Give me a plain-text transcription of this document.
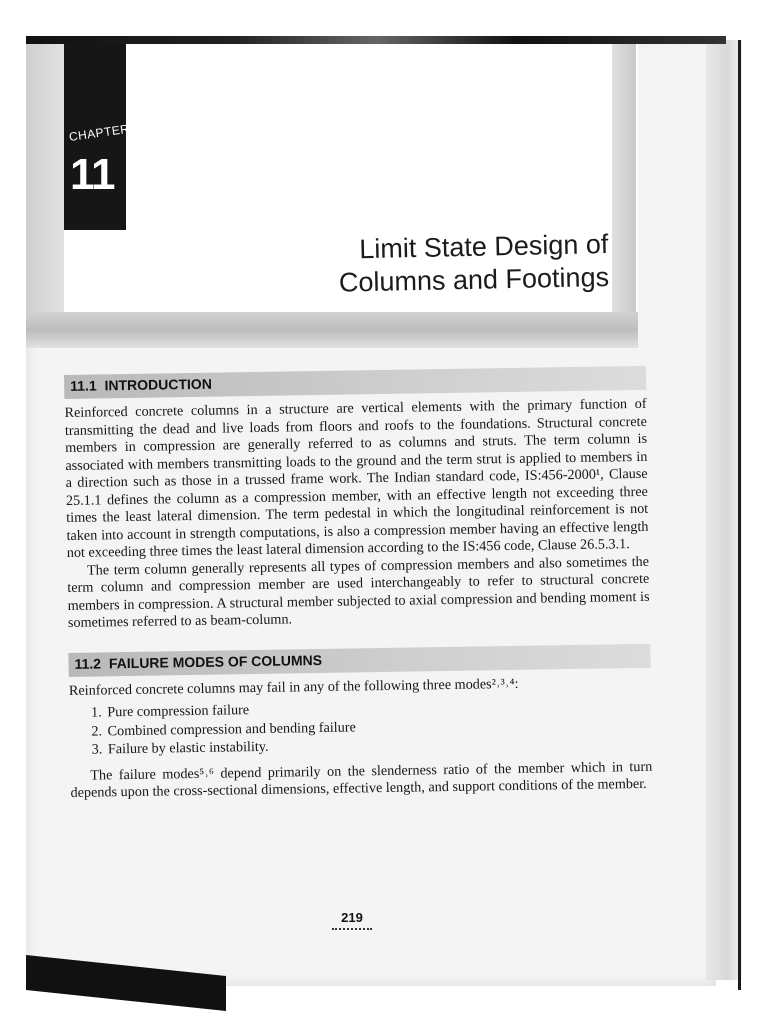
CHAPTER
11
Limit State Design of
Columns and Footings
11.1 INTRODUCTION

Reinforced concrete columns in a structure are vertical elements with the primary function of transmitting the dead and live loads from floors and roofs to the foundations. Structural concrete members in compression are generally referred to as columns and struts. The term column is associated with members transmitting loads to the ground and the term strut is applied to members in a direction such as those in a trussed frame work. The Indian standard code, IS:456-2000¹, Clause 25.1.1 defines the column as a compression member, with an effective length not exceeding three times the least lateral dimension. The term pedestal in which the longitudinal reinforcement is not taken into account in strength computations, is also a compression member having an effective length not exceeding three times the least lateral dimension according to the IS:456 code, Clause 26.5.3.1.

The term column generally represents all types of compression members and also sometimes the term column and compression member are used interchangeably to refer to structural concrete members in compression. A structural member subjected to axial compression and bending moment is sometimes referred to as beam-column.

11.2 FAILURE MODES OF COLUMNS

Reinforced concrete columns may fail in any of the following three modes²˒³˒⁴:

1. Pure compression failure
2. Combined compression and bending failure
3. Failure by elastic instability.

The failure modes⁵˒⁶ depend primarily on the slenderness ratio of the member which in turn depends upon the cross-sectional dimensions, effective length, and support conditions of the member.

219
